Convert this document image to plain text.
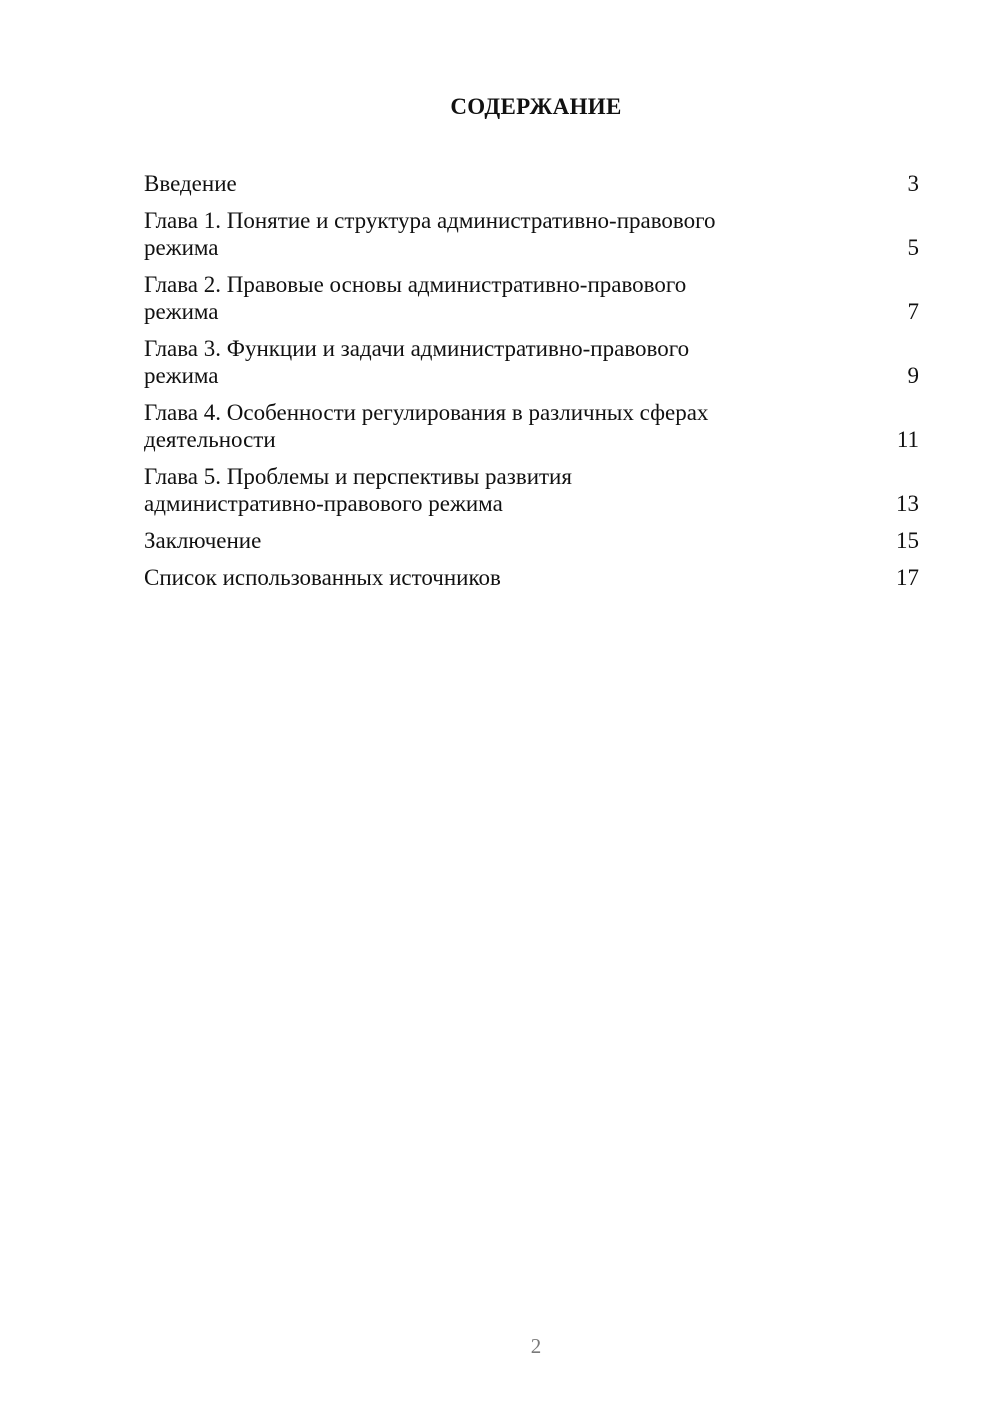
СОДЕРЖАНИЕ
Введение	3
Глава 1. Понятие и структура административно-правового
режима	5
Глава 2. Правовые основы административно-правового
режима	7
Глава 3. Функции и задачи административно-правового
режима	9
Глава 4. Особенности регулирования в различных сферах
деятельности	11
Глава 5. Проблемы и перспективы развития
административно-правового режима	13
Заключение	15
Список использованных источников	17
2
